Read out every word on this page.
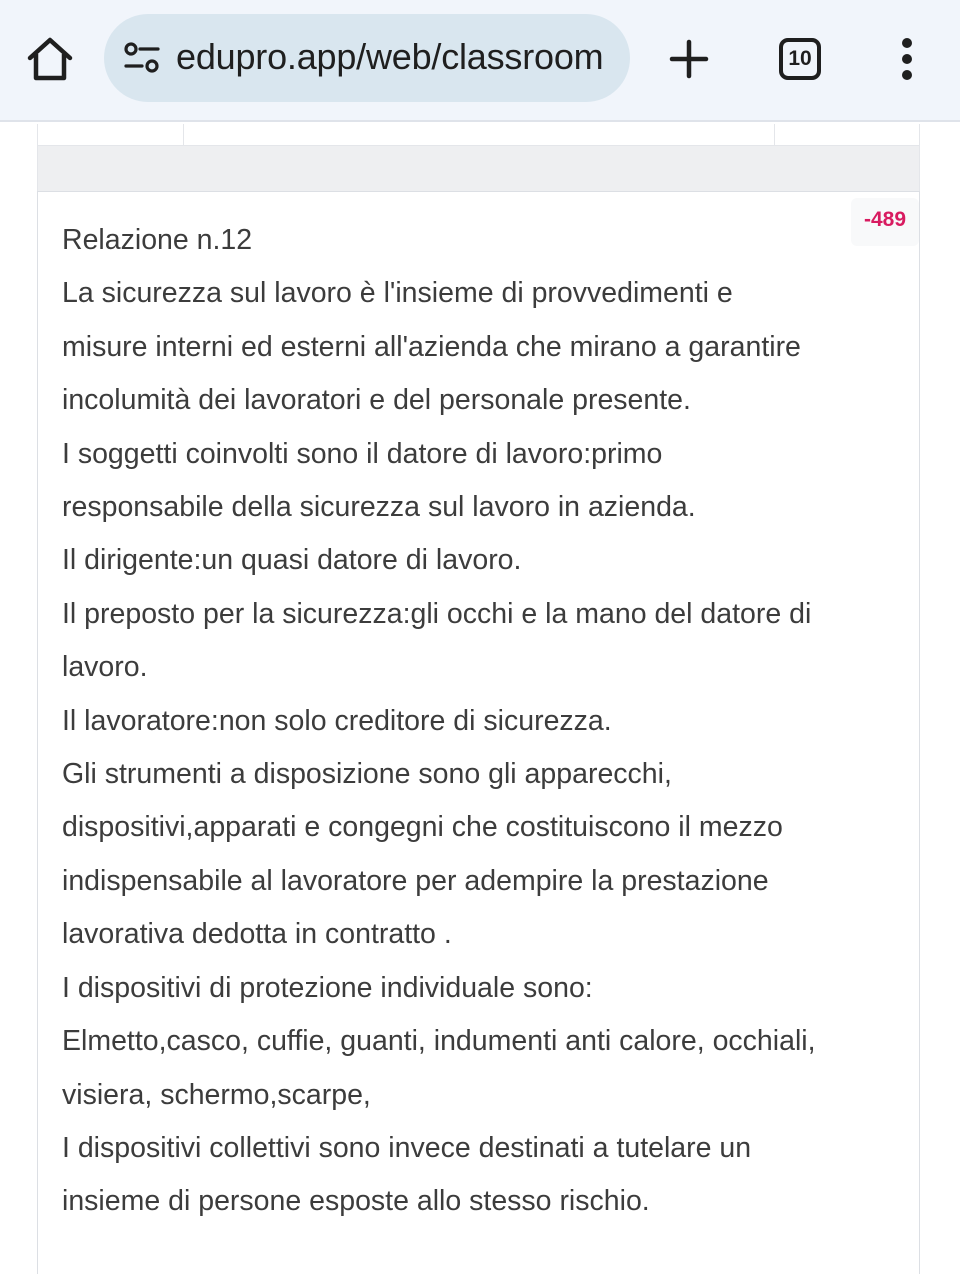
edupro.app/web/classroom	10
-489
Relazione n.12
La sicurezza sul lavoro è l'insieme di provvedimenti e
misure interni ed esterni all'azienda che mirano a garantire
incolumità dei lavoratori e del personale presente.
I soggetti coinvolti sono il datore di lavoro:primo
responsabile della sicurezza sul lavoro in azienda.
Il dirigente:un quasi datore di lavoro.
Il preposto per la sicurezza:gli occhi e la mano del datore di
lavoro.
Il lavoratore:non solo creditore di sicurezza.
Gli strumenti a disposizione sono gli apparecchi,
dispositivi,apparati e congegni che costituiscono il mezzo
indispensabile al lavoratore per adempire la prestazione
lavorativa dedotta in contratto .
I dispositivi di protezione individuale sono:
Elmetto,casco, cuffie, guanti, indumenti anti calore, occhiali,
visiera, schermo,scarpe,
I dispositivi collettivi sono invece destinati a tutelare un
insieme di persone esposte allo stesso rischio.
